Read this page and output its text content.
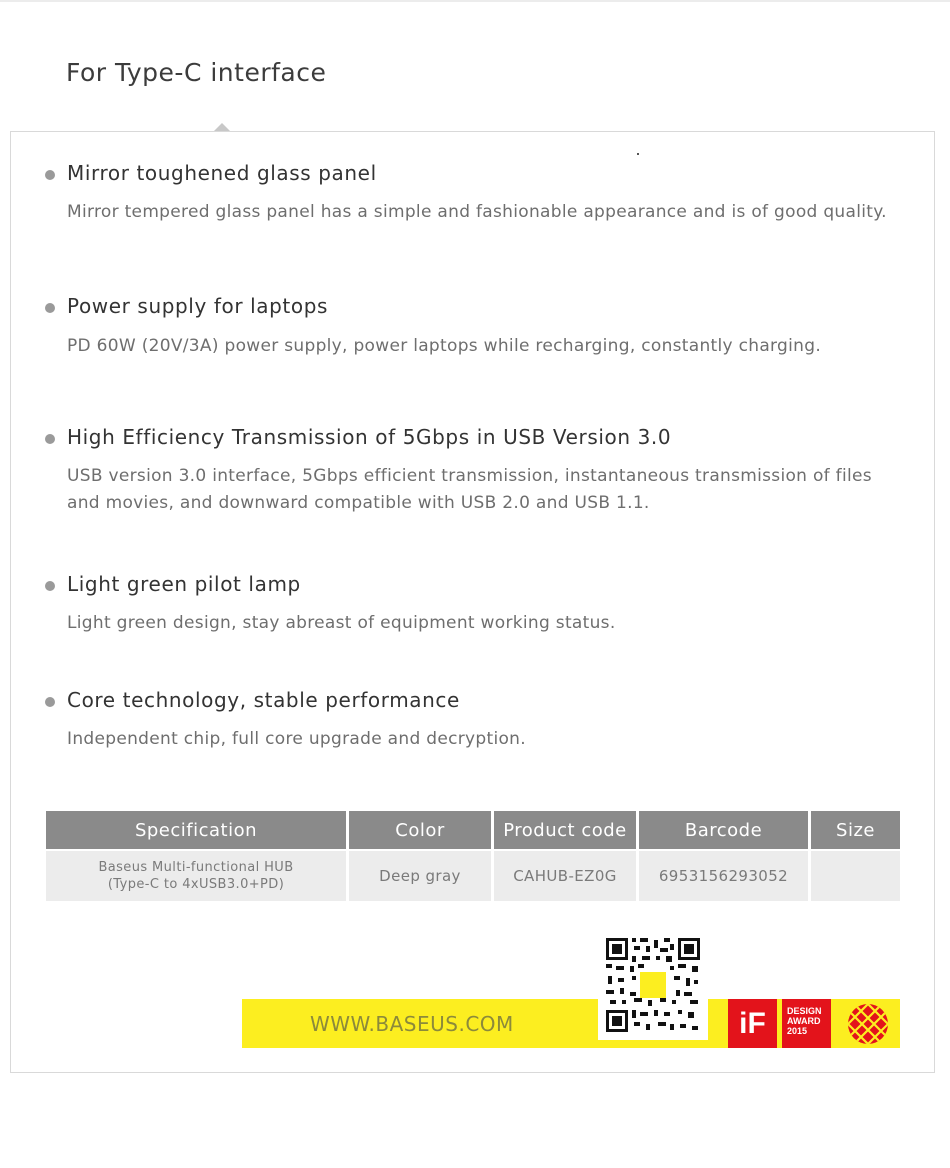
For Type-C interface
Mirror toughened glass panel
Mirror tempered glass panel has a simple and fashionable appearance and is of good quality.
Power supply for laptops
PD 60W (20V/3A) power supply, power laptops while recharging, constantly charging.
High Efficiency Transmission of 5Gbps in USB Version 3.0
USB version 3.0 interface, 5Gbps efficient transmission, instantaneous transmission of files and movies, and downward compatible with USB 2.0 and USB 1.1.
Light green pilot lamp
Light green design, stay abreast of equipment working status.
Core technology, stable performance
Independent chip, full core upgrade and decryption.
Specification	Color	Product code	Barcode	Size

Baseus Multi-functional HUB
(Type-C to 4xUSB3.0+PD)	Deep gray	CAHUB-EZ0G	6953156293052	
WWW.BASEUS.COM	iF	DESIGN
AWARD
2015
